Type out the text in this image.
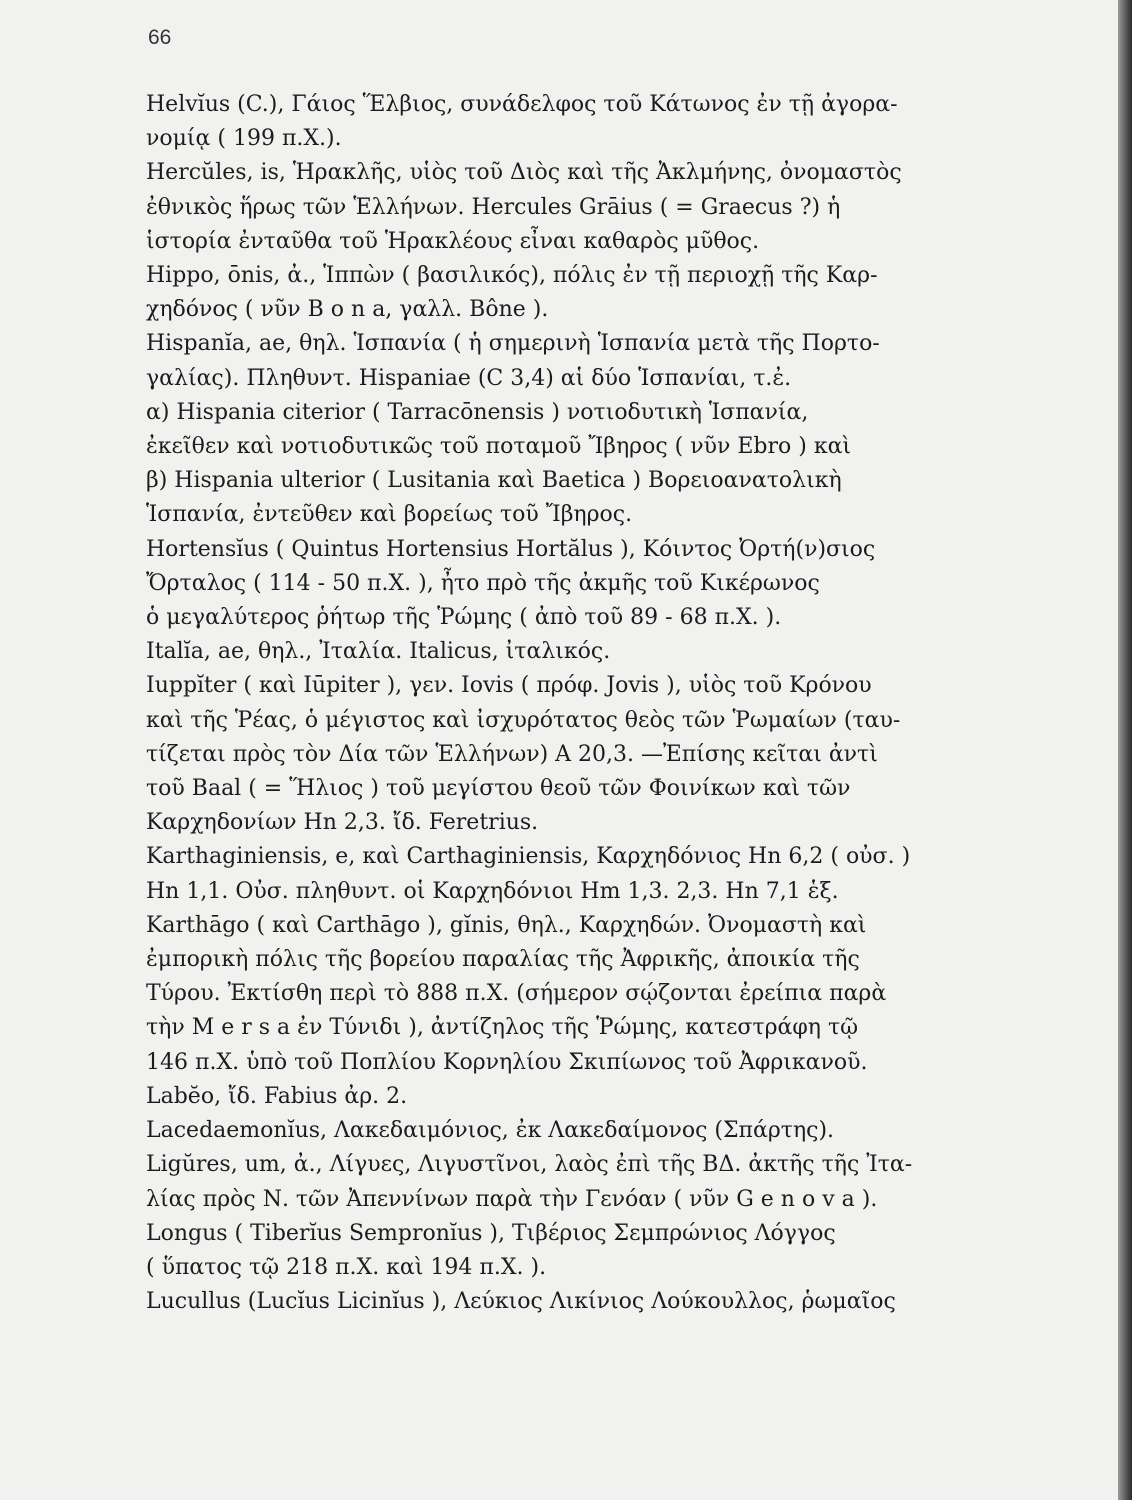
66
Helvĭus (C.), Γάιος Ἕλβιος, συνάδελφος τοῦ Κάτωνος ἐν τῇ ἀγορα-
νομίᾳ ( 199 π.Χ.).
Hercŭles, is, Ἡρακλῆς, υἱὸς τοῦ Διὸς καὶ τῆς Ἀκλμήνης, ὀνομαστὸς
ἐθνικὸς ἥρως τῶν Ἑλλήνων. Hercules Grāius ( = Graecus ?) ἡ
ἱστορία ἐνταῦθα τοῦ Ἡρακλέους εἶναι καθαρὸς μῦθος.
Hippo, ōnis, ἀ., Ἱππὼν ( βασιλικός), πόλις ἐν τῇ περιοχῇ τῆς Καρ-
χηδόνος ( νῦν B o n a, γαλλ. Bône ).
Hispanĭa, ae, θηλ. Ἱσπανία ( ἡ σημερινὴ Ἱσπανία μετὰ τῆς Πορτο-
γαλίας). Πληθυντ. Hispaniae (C 3,4) αἱ δύο Ἱσπανίαι, τ.ἐ.
α) Hispania citerior ( Tarracōnensis ) νοτιοδυτικὴ Ἱσπανία,
ἐκεῖθεν καὶ νοτιοδυτικῶς τοῦ ποταμοῦ Ἴβηρος ( νῦν Ebro ) καὶ
β) Hispania ulterior ( Lusitania καὶ Baetica ) Βορειοανατολικὴ
Ἱσπανία, ἐντεῦθεν καὶ βορείως τοῦ Ἴβηρος.
Hortensĭus ( Quintus Hortensius Hortălus ), Κόιντος Ὀρτή(ν)σιος
Ὄρταλος ( 114 - 50 π.Χ. ), ἦτο πρὸ τῆς ἀκμῆς τοῦ Κικέρωνος
ὁ μεγαλύτερος ῥήτωρ τῆς Ῥώμης ( ἀπὸ τοῦ 89 - 68 π.Χ. ).
Italĭa, ae, θηλ., Ἰταλία. Italicus, ἰταλικός.
Iuppĭter ( καὶ Iūpiter ), γεν. Iovis ( πρόφ. Jovis ), υἱὸς τοῦ Κρόνου
καὶ τῆς Ῥέας, ὁ μέγιστος καὶ ἰσχυρότατος θεὸς τῶν Ῥωμαίων (ταυ-
τίζεται πρὸς τὸν Δία τῶν Ἑλλήνων) A 20,3. —Ἐπίσης κεῖται ἀντὶ
τοῦ Baal ( = Ἥλιος ) τοῦ μεγίστου θεοῦ τῶν Φοινίκων καὶ τῶν
Καρχηδονίων Hn 2,3. ἴδ. Feretrius.
Karthaginiensis, e, καὶ Carthaginiensis, Καρχηδόνιος Hn 6,2 ( οὐσ. )
Hn 1,1. Οὐσ. πληθυντ. οἱ Καρχηδόνιοι Hm 1,3. 2,3. Hn 7,1 ἑξ.
Karthāgo ( καὶ Carthāgo ), gĭnis, θηλ., Καρχηδών. Ὀνομαστὴ καὶ
ἐμπορικὴ πόλις τῆς βορείου παραλίας τῆς Ἀφρικῆς, ἀποικία τῆς
Τύρου. Ἐκτίσθη περὶ τὸ 888 π.Χ. (σήμερον σῴζονται ἐρείπια παρὰ
τὴν M e r s a ἐν Τύνιδι ), ἀντίζηλος τῆς Ῥώμης, κατεστράφη τῷ
146 π.Χ. ὑπὸ τοῦ Ποπλίου Κορνηλίου Σκιπίωνος τοῦ Ἀφρικανοῦ.
Labĕo, ἴδ. Fabius ἀρ. 2.
Lacedaemonĭus, Λακεδαιμόνιος, ἐκ Λακεδαίμονος (Σπάρτης).
Ligŭres, um, ἀ., Λίγυες, Λιγυστῖνοι, λαὸς ἐπὶ τῆς ΒΔ. ἀκτῆς τῆς Ἰτα-
λίας πρὸς Ν. τῶν Ἀπεννίνων παρὰ τὴν Γενόαν ( νῦν G e n o v a ).
Longus ( Tiberĭus Sempronĭus ), Τιβέριος Σεμπρώνιος Λόγγος
( ὕπατος τῷ 218 π.Χ. καὶ 194 π.Χ. ).
Lucullus (Lucĭus Licinĭus ), Λεύκιος Λικίνιος Λούκουλλος, ῥωμαῖος
